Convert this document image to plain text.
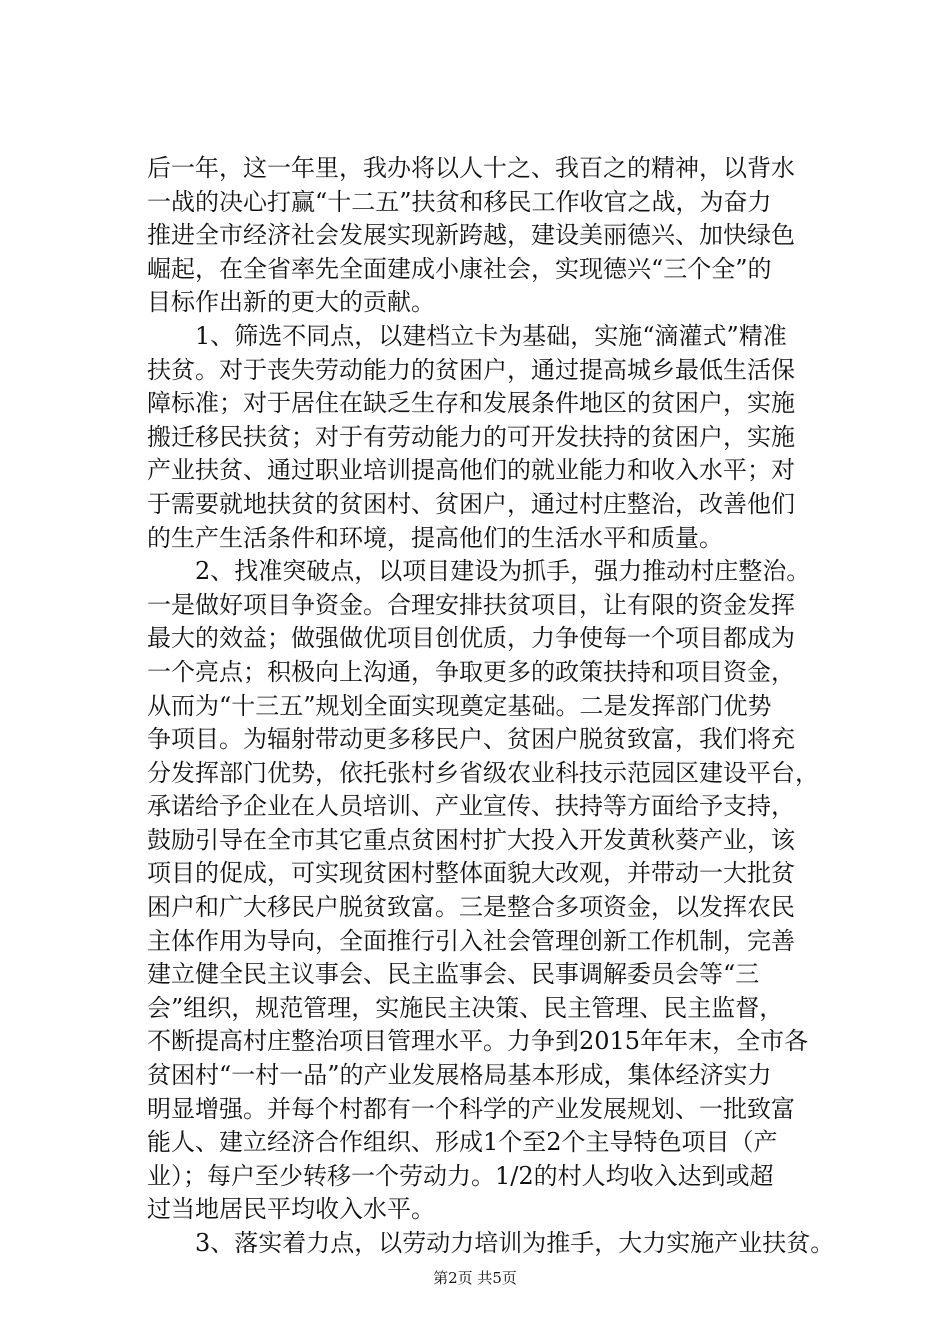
后一年，这一年里，我办将以人十之、我百之的精神，以背水
一战的决心打赢“十二五”扶贫和移民工作收官之战，为奋力
推进全市经济社会发展实现新跨越，建设美丽德兴、加快绿色
崛起，在全省率先全面建成小康社会，实现德兴“三个全”的
目标作出新的更大的贡献。
　　1、筛选不同点，以建档立卡为基础，实施“滴灌式”精准
扶贫。对于丧失劳动能力的贫困户，通过提高城乡最低生活保
障标准；对于居住在缺乏生存和发展条件地区的贫困户，实施
搬迁移民扶贫；对于有劳动能力的可开发扶持的贫困户，实施
产业扶贫、通过职业培训提高他们的就业能力和收入水平；对
于需要就地扶贫的贫困村、贫困户，通过村庄整治，改善他们
的生产生活条件和环境，提高他们的生活水平和质量。
　　2、找准突破点，以项目建设为抓手，强力推动村庄整治。
一是做好项目争资金。合理安排扶贫项目，让有限的资金发挥
最大的效益；做强做优项目创优质，力争使每一个项目都成为
一个亮点；积极向上沟通，争取更多的政策扶持和项目资金，
从而为“十三五”规划全面实现奠定基础。二是发挥部门优势
争项目。为辐射带动更多移民户、贫困户脱贫致富，我们将充
分发挥部门优势，依托张村乡省级农业科技示范园区建设平台，
承诺给予企业在人员培训、产业宣传、扶持等方面给予支持，
鼓励引导在全市其它重点贫困村扩大投入开发黄秋葵产业，该
项目的促成，可实现贫困村整体面貌大改观，并带动一大批贫
困户和广大移民户脱贫致富。三是整合多项资金，以发挥农民
主体作用为导向，全面推行引入社会管理创新工作机制，完善
建立健全民主议事会、民主监事会、民事调解委员会等“三
会”组织，规范管理，实施民主决策、民主管理、民主监督，
不断提高村庄整治项目管理水平。力争到2015年年末，全市各
贫困村“一村一品”的产业发展格局基本形成，集体经济实力
明显增强。并每个村都有一个科学的产业发展规划、一批致富
能人、建立经济合作组织、形成1个至2个主导特色项目（产
业）；每户至少转移一个劳动力。1/2的村人均收入达到或超
过当地居民平均收入水平。
　　3、落实着力点，以劳动力培训为推手，大力实施产业扶贫。
第2页 共5页
